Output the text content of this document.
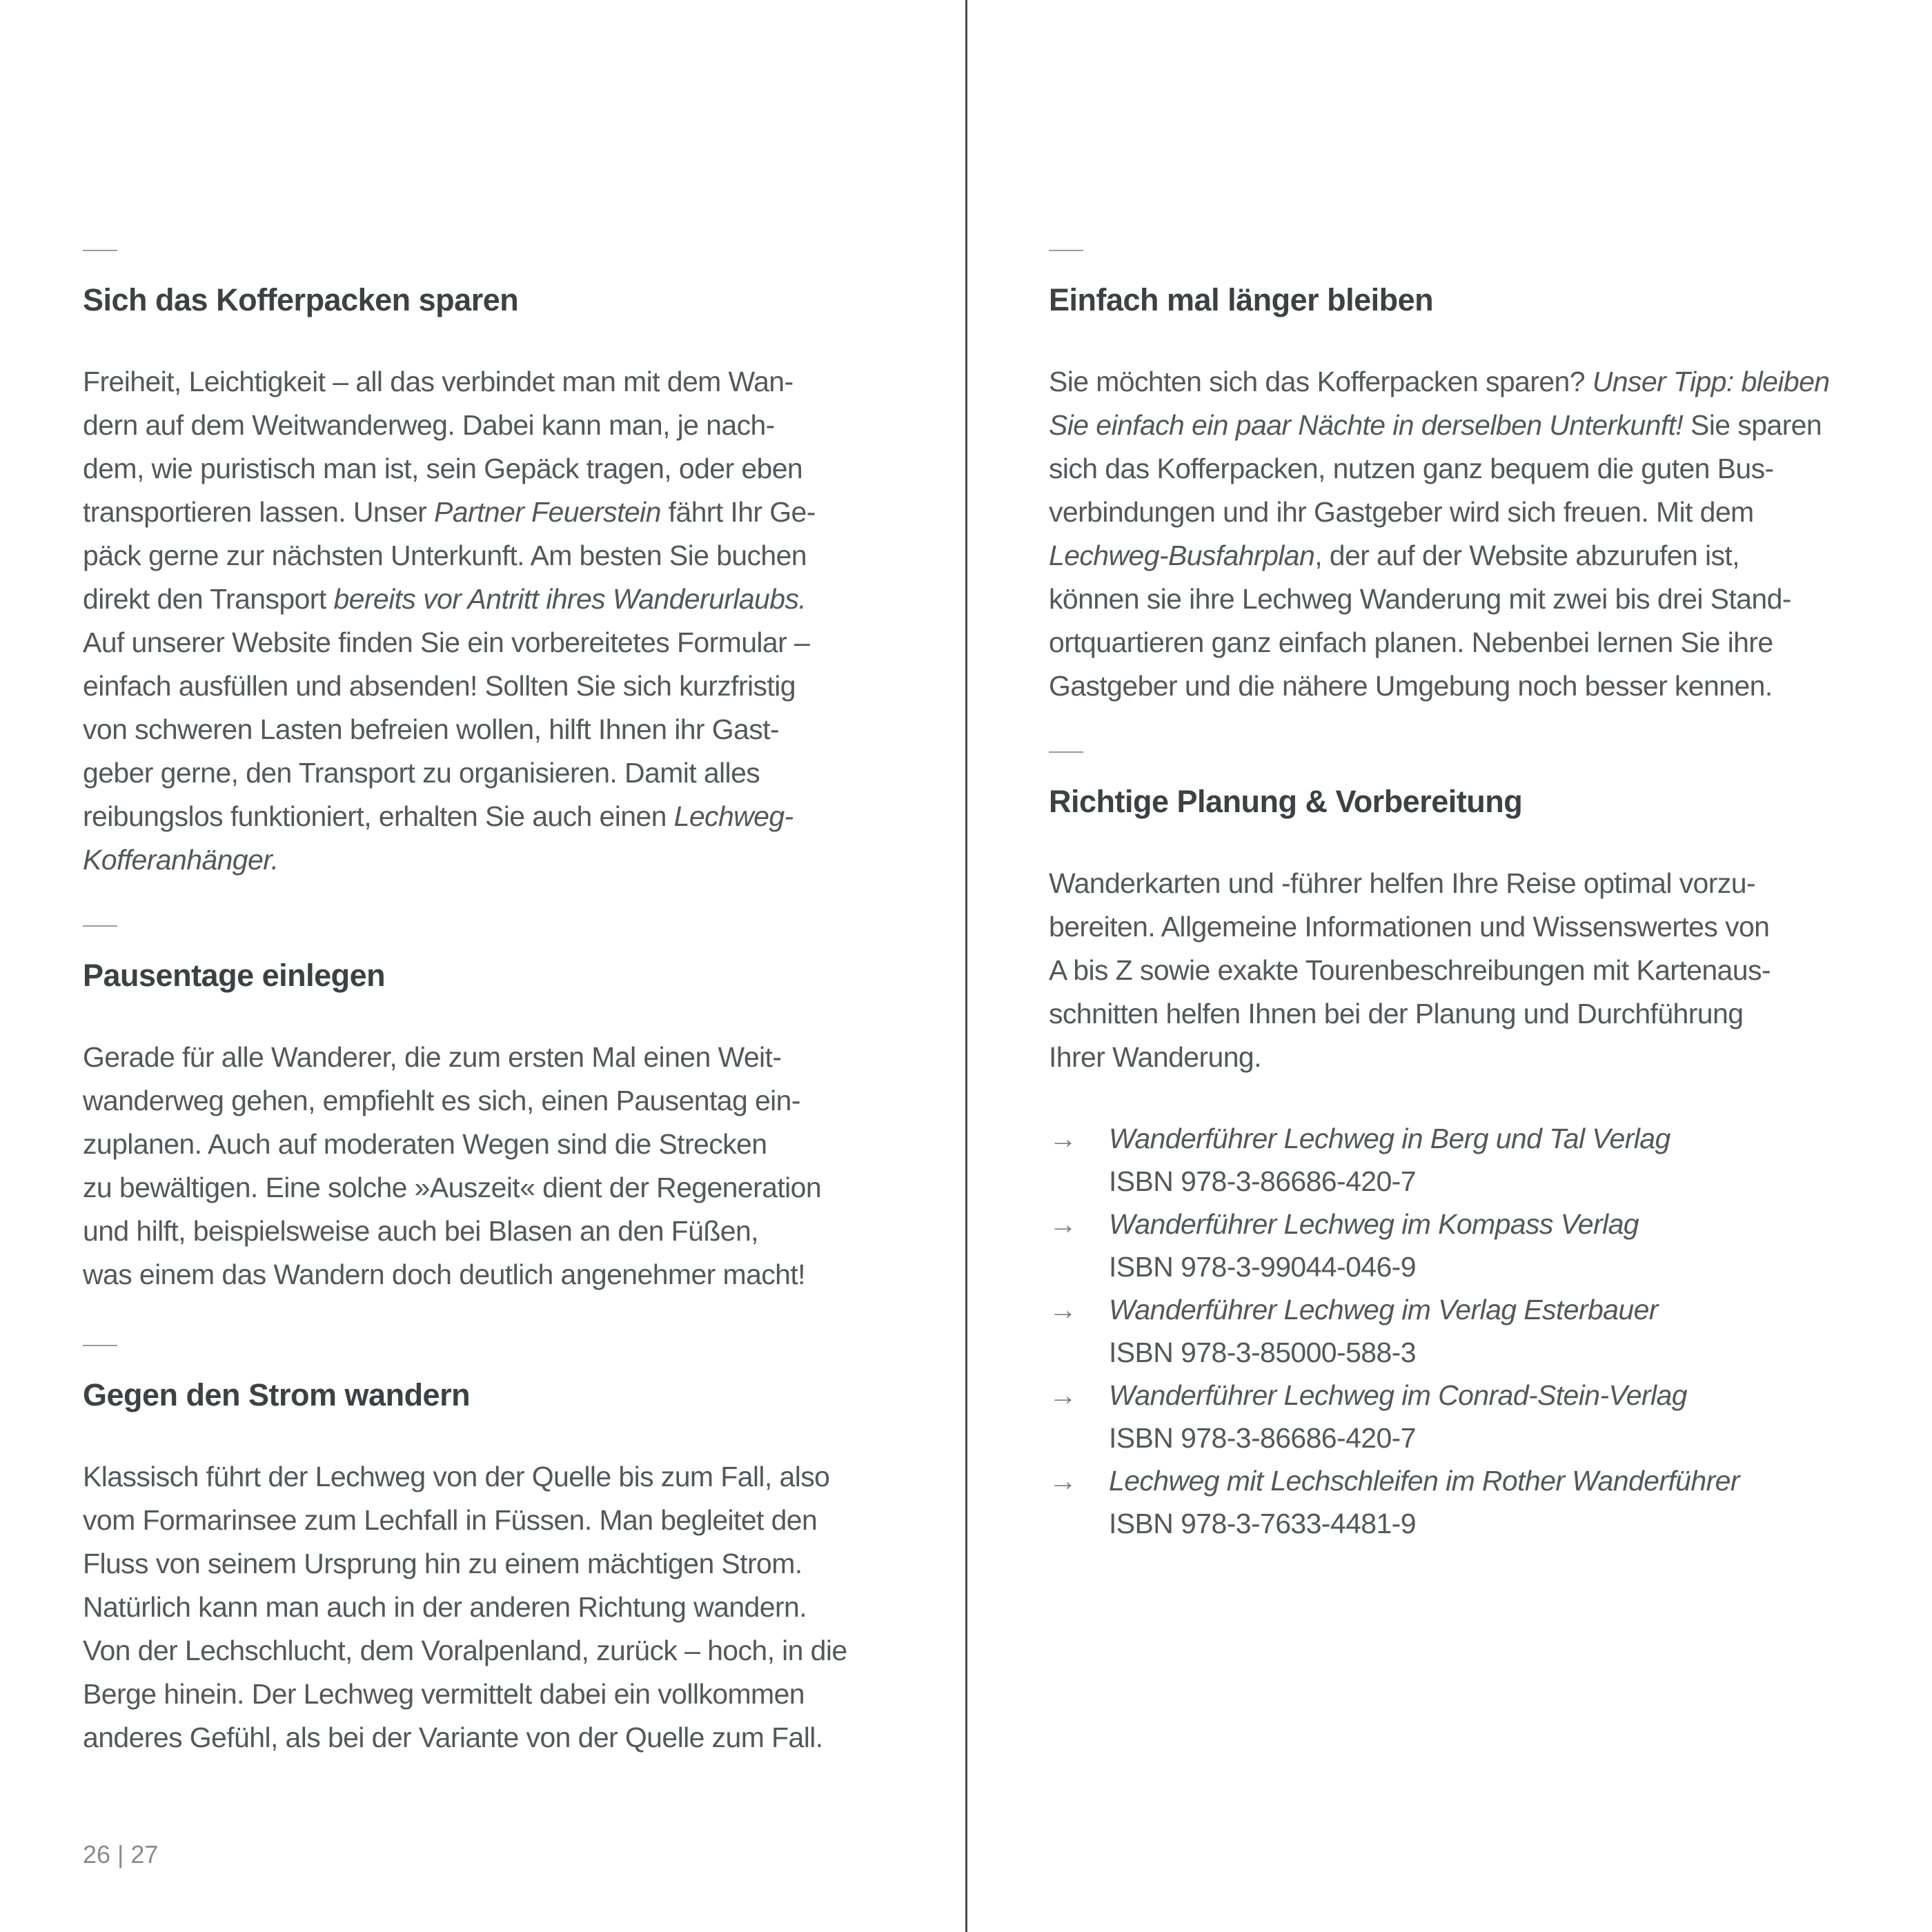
Sich das Kofferpacken sparen
Freiheit, Leichtigkeit – all das verbindet man mit dem Wan-
dern auf dem Weitwanderweg. Dabei kann man, je nach-
dem, wie puristisch man ist, sein Gepäck tragen, oder eben
transportieren lassen. Unser Partner Feuerstein fährt Ihr Ge-
päck gerne zur nächsten Unterkunft. Am besten Sie buchen
direkt den Transport bereits vor Antritt ihres Wanderurlaubs.
Auf unserer Website finden Sie ein vorbereitetes Formular –
einfach ausfüllen und absenden! Sollten Sie sich kurzfristig
von schweren Lasten befreien wollen, hilft Ihnen ihr Gast-
geber gerne, den Transport zu organisieren. Damit alles
reibungslos funktioniert, erhalten Sie auch einen Lechweg-
Kofferanhänger.
Pausentage einlegen
Gerade für alle Wanderer, die zum ersten Mal einen Weit-
wanderweg gehen, empfiehlt es sich, einen Pausentag ein-
zuplanen. Auch auf moderaten Wegen sind die Strecken
zu bewältigen. Eine solche »Auszeit« dient der Regeneration
und hilft, beispielsweise auch bei Blasen an den Füßen,
was einem das Wandern doch deutlich angenehmer macht!
Gegen den Strom wandern
Klassisch führt der Lechweg von der Quelle bis zum Fall, also
vom Formarinsee zum Lechfall in Füssen. Man begleitet den
Fluss von seinem Ursprung hin zu einem mächtigen Strom.
Natürlich kann man auch in der anderen Richtung wandern.
Von der Lechschlucht, dem Voralpenland, zurück – hoch, in die
Berge hinein. Der Lechweg vermittelt dabei ein vollkommen
anderes Gefühl, als bei der Variante von der Quelle zum Fall.
Einfach mal länger bleiben
Sie möchten sich das Kofferpacken sparen? Unser Tipp: bleiben
Sie einfach ein paar Nächte in derselben Unterkunft! Sie sparen
sich das Kofferpacken, nutzen ganz bequem die guten Bus-
verbindungen und ihr Gastgeber wird sich freuen. Mit dem
Lechweg-Busfahrplan, der auf der Website abzurufen ist,
können sie ihre Lechweg Wanderung mit zwei bis drei Stand-
ortquartieren ganz einfach planen. Nebenbei lernen Sie ihre
Gastgeber und die nähere Umgebung noch besser kennen.
Richtige Planung & Vorbereitung
Wanderkarten und -führer helfen Ihre Reise optimal vorzu-
bereiten. Allgemeine Informationen und Wissenswertes von
A bis Z sowie exakte Tourenbeschreibungen mit Kartenaus-
schnitten helfen Ihnen bei der Planung und Durchführung
Ihrer Wanderung.
→	Wanderführer Lechweg in Berg und Tal Verlag
ISBN 978-3-86686-420-7
→	Wanderführer Lechweg im Kompass Verlag
ISBN 978-3-99044-046-9
→	Wanderführer Lechweg im Verlag Esterbauer
ISBN 978-3-85000-588-3
→	Wanderführer Lechweg im Conrad-Stein-Verlag
ISBN 978-3-86686-420-7
→	Lechweg mit Lechschleifen im Rother Wanderführer
ISBN 978-3-7633-4481-9
26 | 27
